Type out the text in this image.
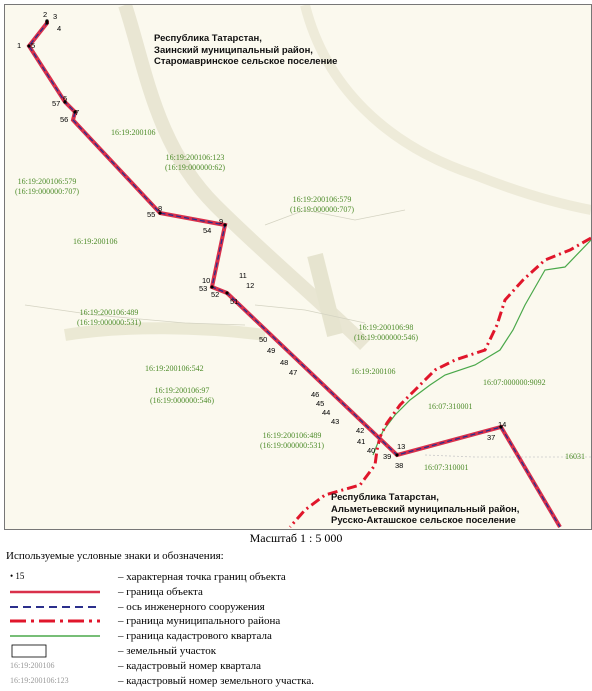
Республика Татарстан,
Заинский муниципальный район,
Старомавринское сельское поселение
Республика Татарстан,
Альметьевский муниципальный район,
Русско-Акташское сельское поселение
16:19:200106
16:19:200106
16:19:200106
16:07:000000:9092
16:07:310001
16:07:310001
16031
16:19:200106:123
(16:19:000000:62)
16:19:200106:579
(16:19:000000:707)
16:19:200106:579
(16:19:000000:707)
16:19:200106:489
(16:19:000000:531)
16:19:200106:98
(16:19:000000:546)
16:19:200106:542
16:19:200106:97
(16:19:000000:546)
16:19:200106:489
(16:19:000000:531)
1 5
2 3
4
57
6
7
56
8
55
9
54
10
11
53	12
52
51
50
49
48
47
46
45
44
43
42
41
40
39
13
38
14
37
Масштаб 1 : 5 000
Используемые условные знаки и обозначения:
• 15	– характерная точка границ объекта
– граница объекта
– ось инженерного сооружения
– граница муниципального района
– граница кадастрового квартала
– земельный участок
16:19:200106	– кадастровый номер квартала
16:19:200106:123	– кадастровый номер земельного участка.
